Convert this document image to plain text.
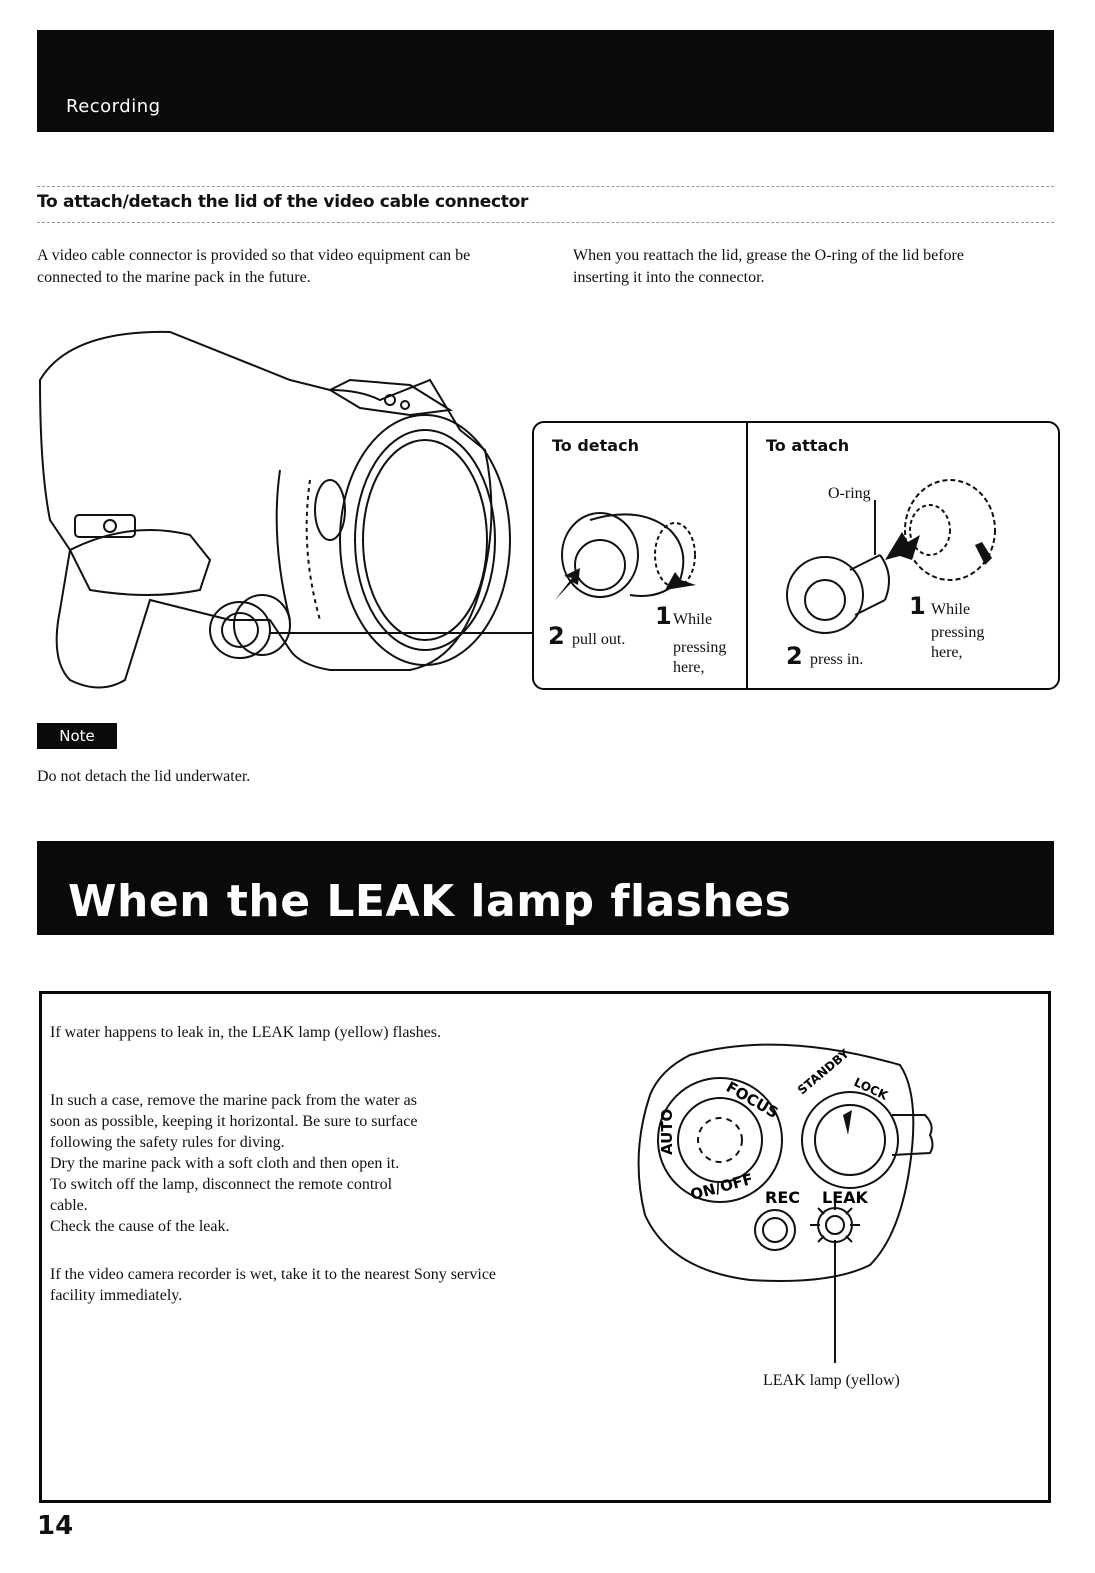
Recording
To attach/detach the lid of the video cable connector
A video cable connector is provided so that video equipment can be connected to the marine pack in the future.
When you reattach the lid, grease the O-ring of the lid before inserting it into the connector.
To detach
2 pull out.
1 While
pressing
here,
To attach
O-ring
1 While
pressing
here,
2 press in.
Note
Do not detach the lid underwater.
When the LEAK lamp flashes
If water happens to leak in, the LEAK lamp (yellow) flashes.
In such a case, remove the marine pack from the water as
soon as possible, keeping it horizontal. Be sure to surface
following the safety rules for diving.
Dry the marine pack with a soft cloth and then open it.
To switch off the lamp, disconnect the remote control
cable.
Check the cause of the leak.
If the video camera recorder is wet, take it to the nearest Sony service facility immediately.
FOCUS
AUTO
ON/OFF
STANDBY LOCK
REC LEAK
LEAK lamp (yellow)
14
